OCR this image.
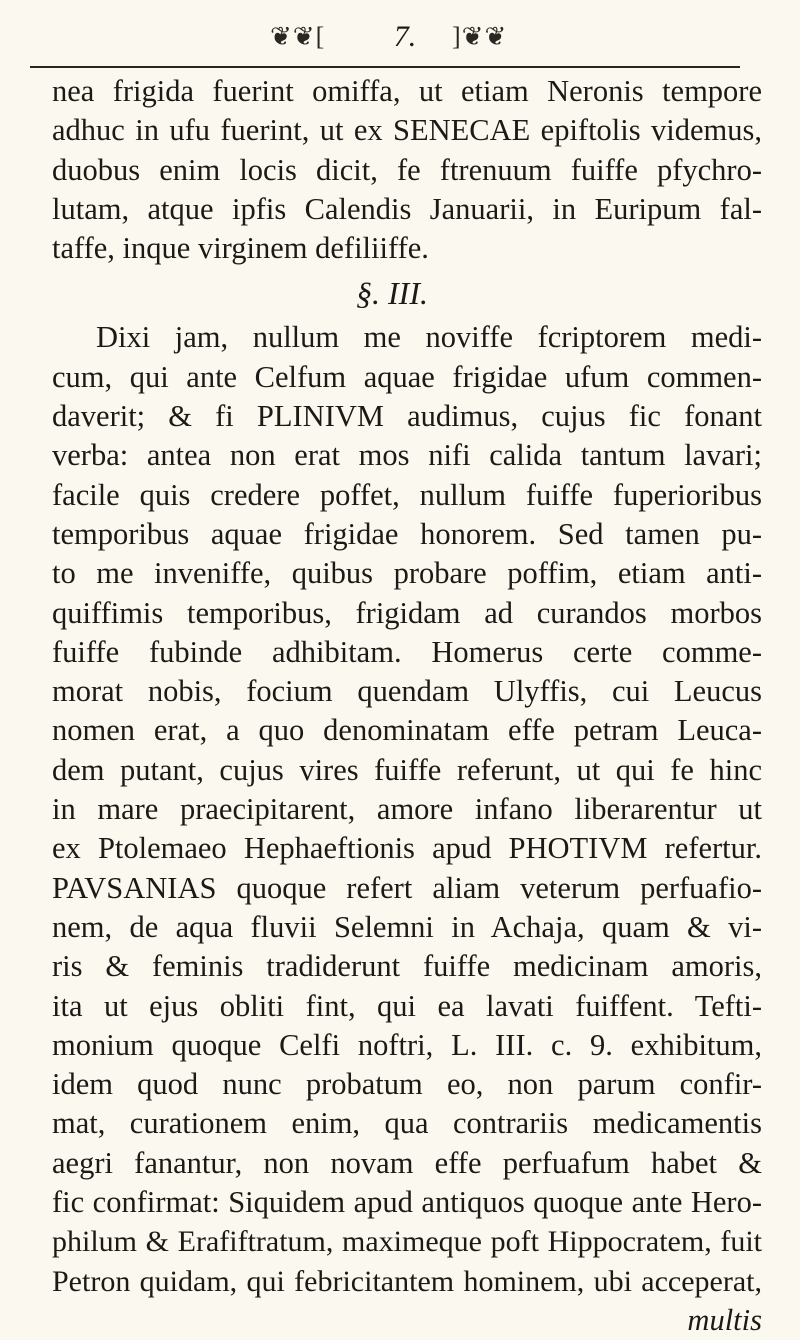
❦❦[	7.	]❦❦
nea frigida fuerint omiffa, ut etiam Neronis tempore
adhuc in ufu fuerint, ut ex SENECAE epiftolis videmus,
duobus enim locis dicit, fe ftrenuum fuiffe pfychro-
lutam, atque ipfis Calendis Januarii, in Euripum fal-
taffe, inque virginem defiliiffe.
§. III.
Dixi jam, nullum me noviffe fcriptorem medi-
cum, qui ante Celfum aquae frigidae ufum commen-
daverit; & fi PLINIVM audimus, cujus fic fonant
verba: antea non erat mos nifi calida tantum lavari;
facile quis credere poffet, nullum fuiffe fuperioribus
temporibus aquae frigidae honorem. Sed tamen pu-
to me inveniffe, quibus probare poffim, etiam anti-
quiffimis temporibus, frigidam ad curandos morbos
fuiffe fubinde adhibitam. Homerus certe comme-
morat nobis, focium quendam Ulyffis, cui Leucus
nomen erat, a quo denominatam effe petram Leuca-
dem putant, cujus vires fuiffe referunt, ut qui fe hinc
in mare praecipitarent, amore infano liberarentur ut
ex Ptolemaeo Hephaeftionis apud PHOTIVM refertur.
PAVSANIAS quoque refert aliam veterum perfuafio-
nem, de aqua fluvii Selemni in Achaja, quam & vi-
ris & feminis tradiderunt fuiffe medicinam amoris,
ita ut ejus obliti fint, qui ea lavati fuiffent. Tefti-
monium quoque Celfi noftri, L. III. c. 9. exhibitum,
idem quod nunc probatum eo, non parum confir-
mat, curationem enim, qua contrariis medicamentis
aegri fanantur, non novam effe perfuafum habet &
fic confirmat: Siquidem apud antiquos quoque ante Hero-
philum & Erafiftratum, maximeque poft Hippocratem, fuit
Petron quidam, qui febricitantem hominem, ubi acceperat,
multis
